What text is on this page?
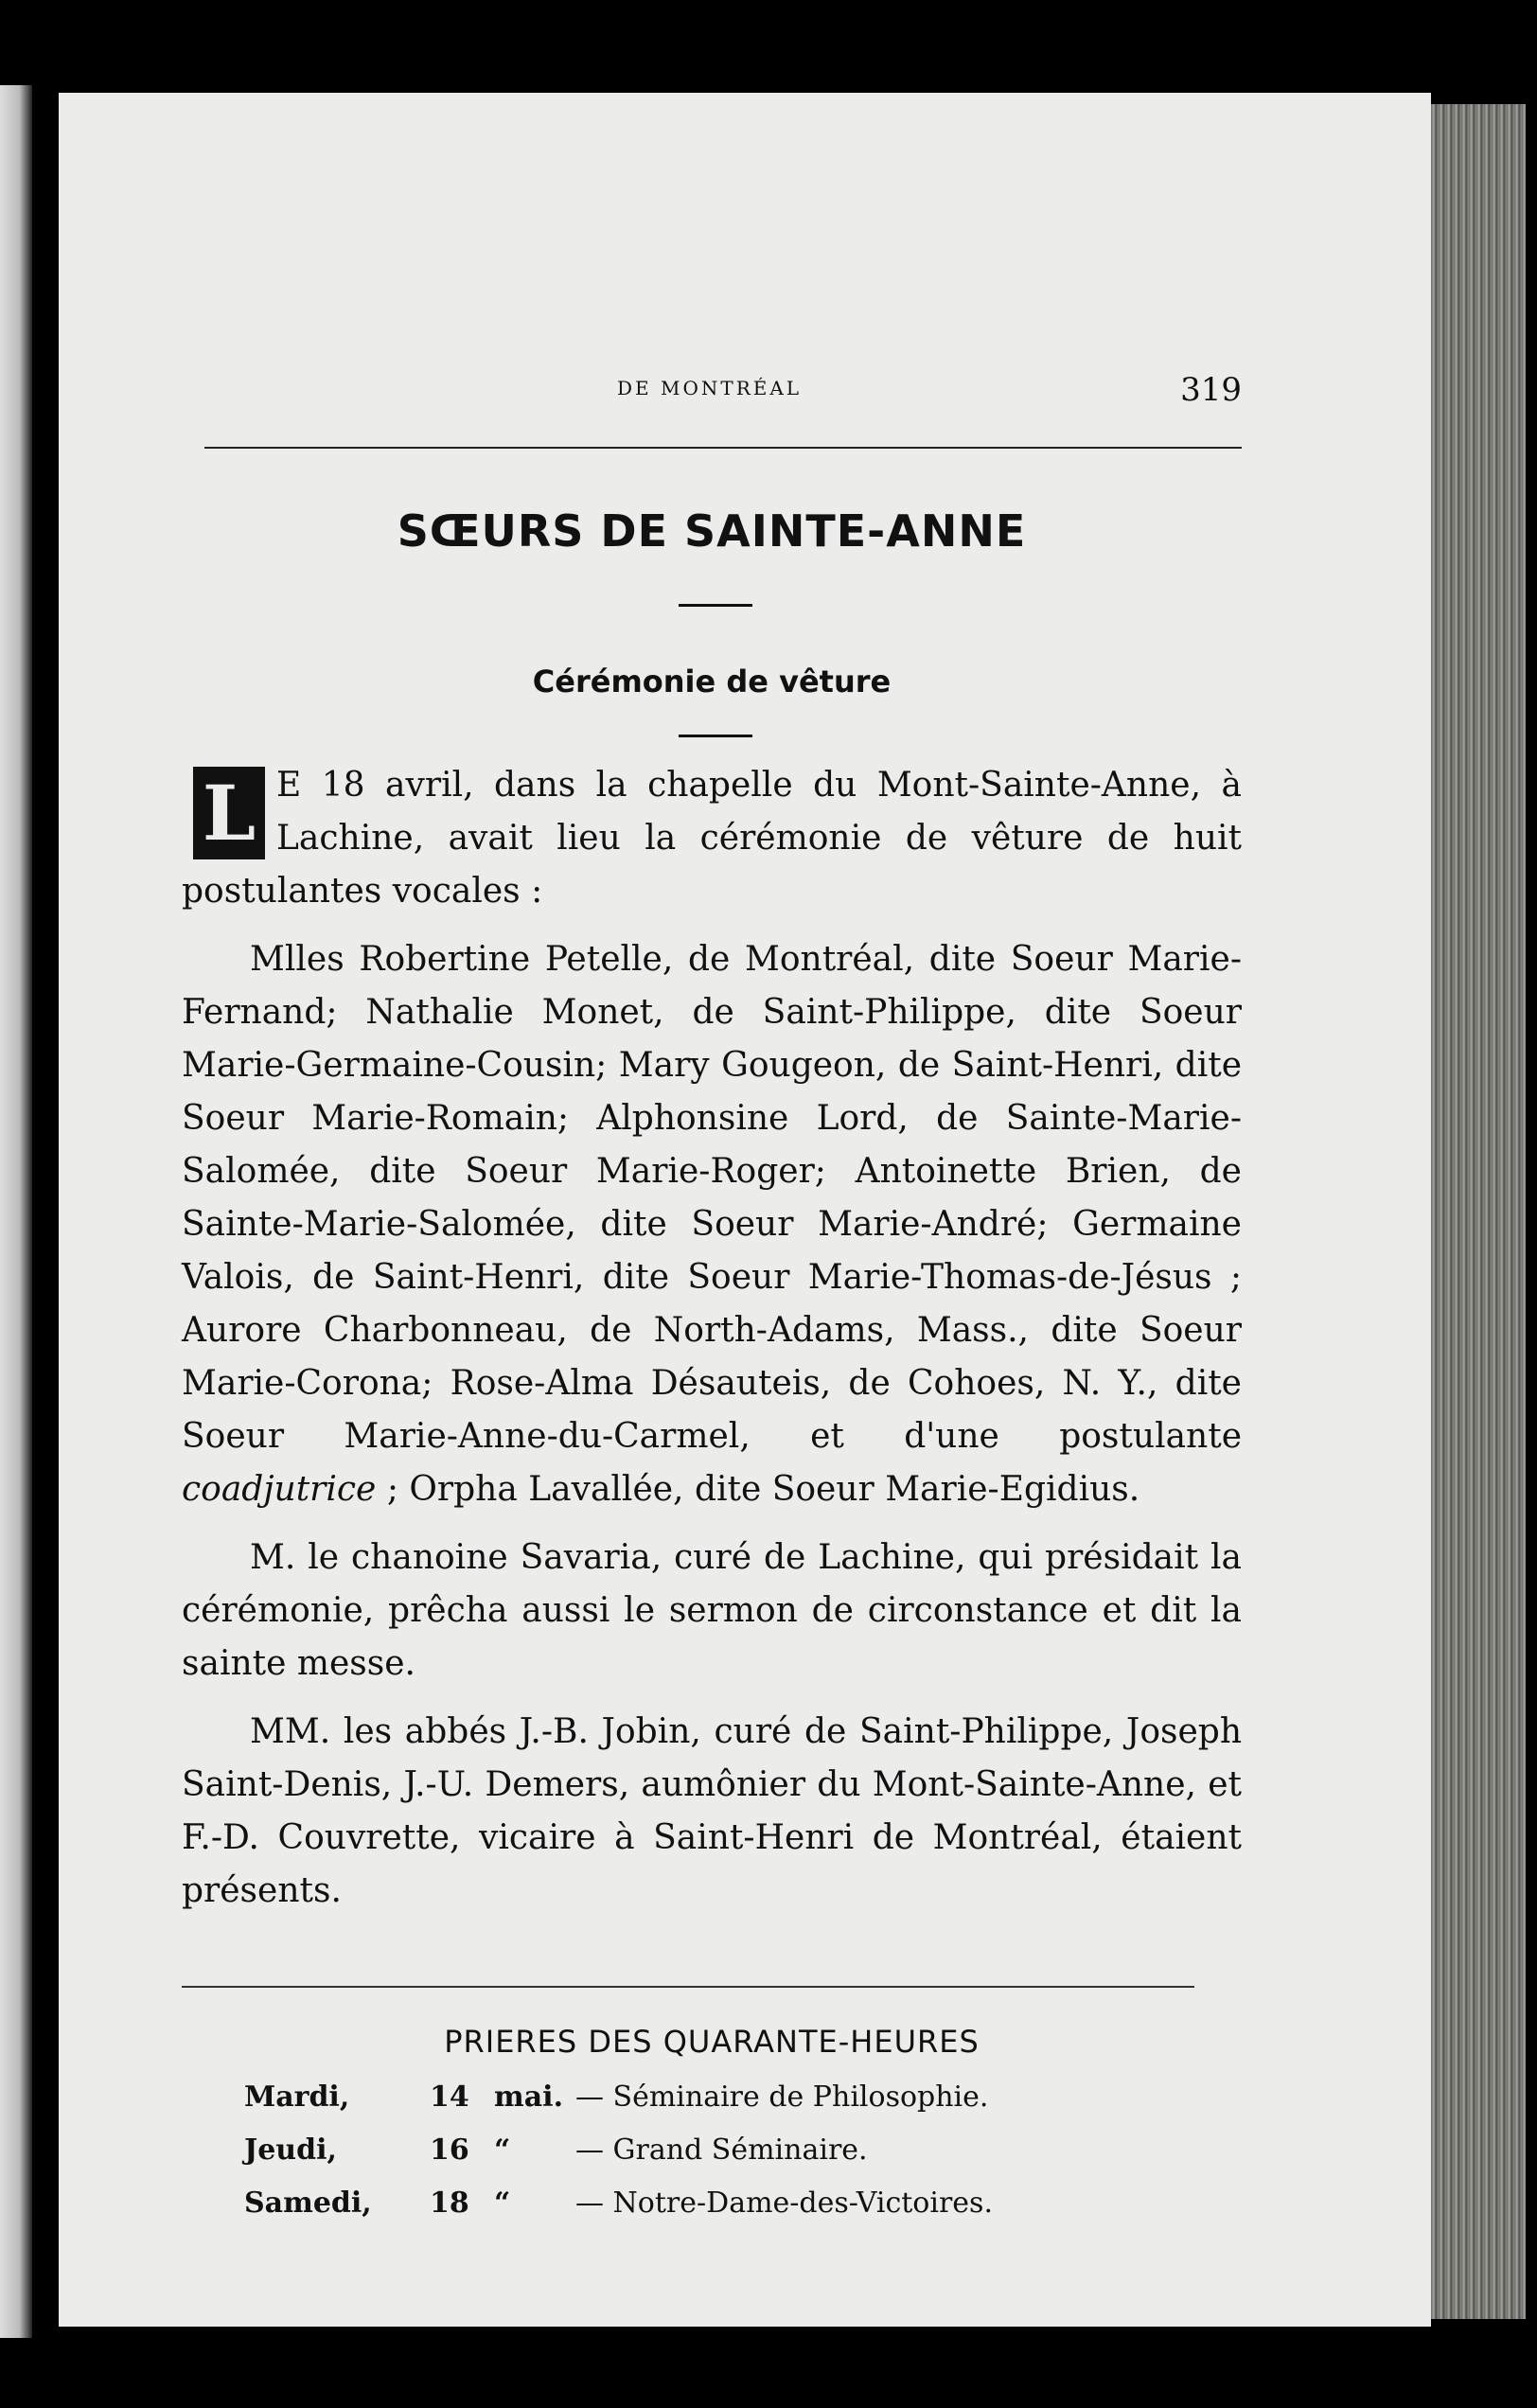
DE MONTRÉAL	319
SŒURS DE SAINTE-ANNE
Cérémonie de vêture

L E 18 avril, dans la chapelle du Mont-Sainte-Anne, à Lachine, avait lieu la cérémonie de vêture de huit postulantes vocales :

Mlles Robertine Petelle, de Montréal, dite Soeur Marie-Fernand; Nathalie Monet, de Saint-Philippe, dite Soeur Marie-Germaine-Cousin; Mary Gougeon, de Saint-Henri, dite Soeur Marie-Romain; Alphonsine Lord, de Sainte-Marie-Salomée, dite Soeur Marie-Roger; Antoinette Brien, de Sainte-Marie-Salomée, dite Soeur Marie-André; Germaine Valois, de Saint-Henri, dite Soeur Marie-Thomas-de-Jésus ; Aurore Charbonneau, de North-Adams, Mass., dite Soeur Marie-Corona; Rose-Alma Désauteis, de Cohoes, N. Y., dite Soeur Marie-Anne-du-Carmel, et d'une postulante coadjutrice ; Orpha Lavallée, dite Soeur Marie-Egidius.

M. le chanoine Savaria, curé de Lachine, qui présidait la cérémonie, prêcha aussi le sermon de circonstance et dit la sainte messe.

MM. les abbés J.-B. Jobin, curé de Saint-Philippe, Joseph Saint-Denis, J.-U. Demers, aumônier du Mont-Sainte-Anne, et F.-D. Couvrette, vicaire à Saint-Henri de Montréal, étaient présents.

PRIERES DES QUARANTE-HEURES
Mardi,	14 mai. — Séminaire de Philosophie.
Jeudi,	16 “ — Grand Séminaire.
Samedi, 18 “ — Notre-Dame-des-Victoires.
